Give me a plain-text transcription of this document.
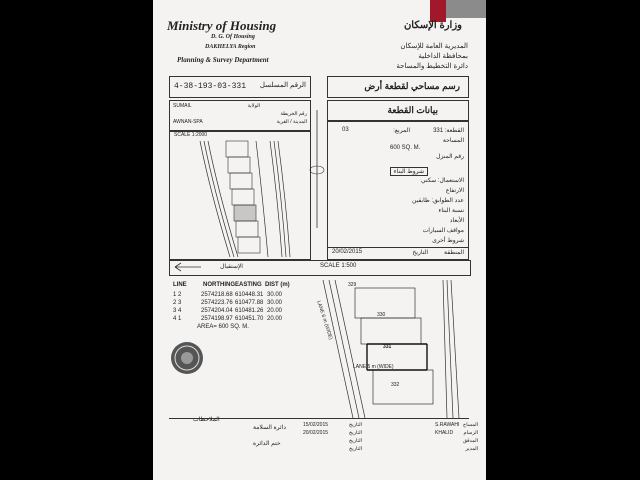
Ministry of Housing
D. G. Of Housing
DAKHELYA Region
Planning & Survey Department
وزارة الإسكان
المديرية العامة للإسكان
بمحافظة الداخلية
دائرة التخطيط والمساحة
4-38-193-03-331 الرقم المسلسل	رسم مساحي لقطعة أرض
SUMAIL	الولاية
رقم الخريطة
AWNAN-SPA	المدينة / القرية
بيانات القطعة
SCALE 1:2000
القطعة: 331
المربع:
03
المساحة
600 SQ. M.
رقم المنزل
شروط البناء
الاستعمال: سكني
الارتفاع
عدد الطوابق: طابقين
نسبة البناء
الأبعاد
مواقف السيارات
شروط أخرى
20/02/2015	التاريخ	المنطقة
الإستقبال	SCALE 1:500
LINE	NORTHING EASTING DIST (m)
1 2	2574218.68 610448.31 30.00
2 3	2574223.76 610477.88 30.00
3 4	2574204.04 610481.26 20.00
4 1	2574198.97 610451.70 20.00
AREA= 600 SQ. M.
329
330
331
332
LANE 6 m (WIDE)
LANE 5 m (WIDE)
الملاحظات
دائرة السلامة
ختم الدائرة
المساح
S.RAWAHI
الرسام
KHALID
المدقق
المدير
15/02/2015	التاريخ
20/02/2015	التاريخ
التاريخ
التاريخ
